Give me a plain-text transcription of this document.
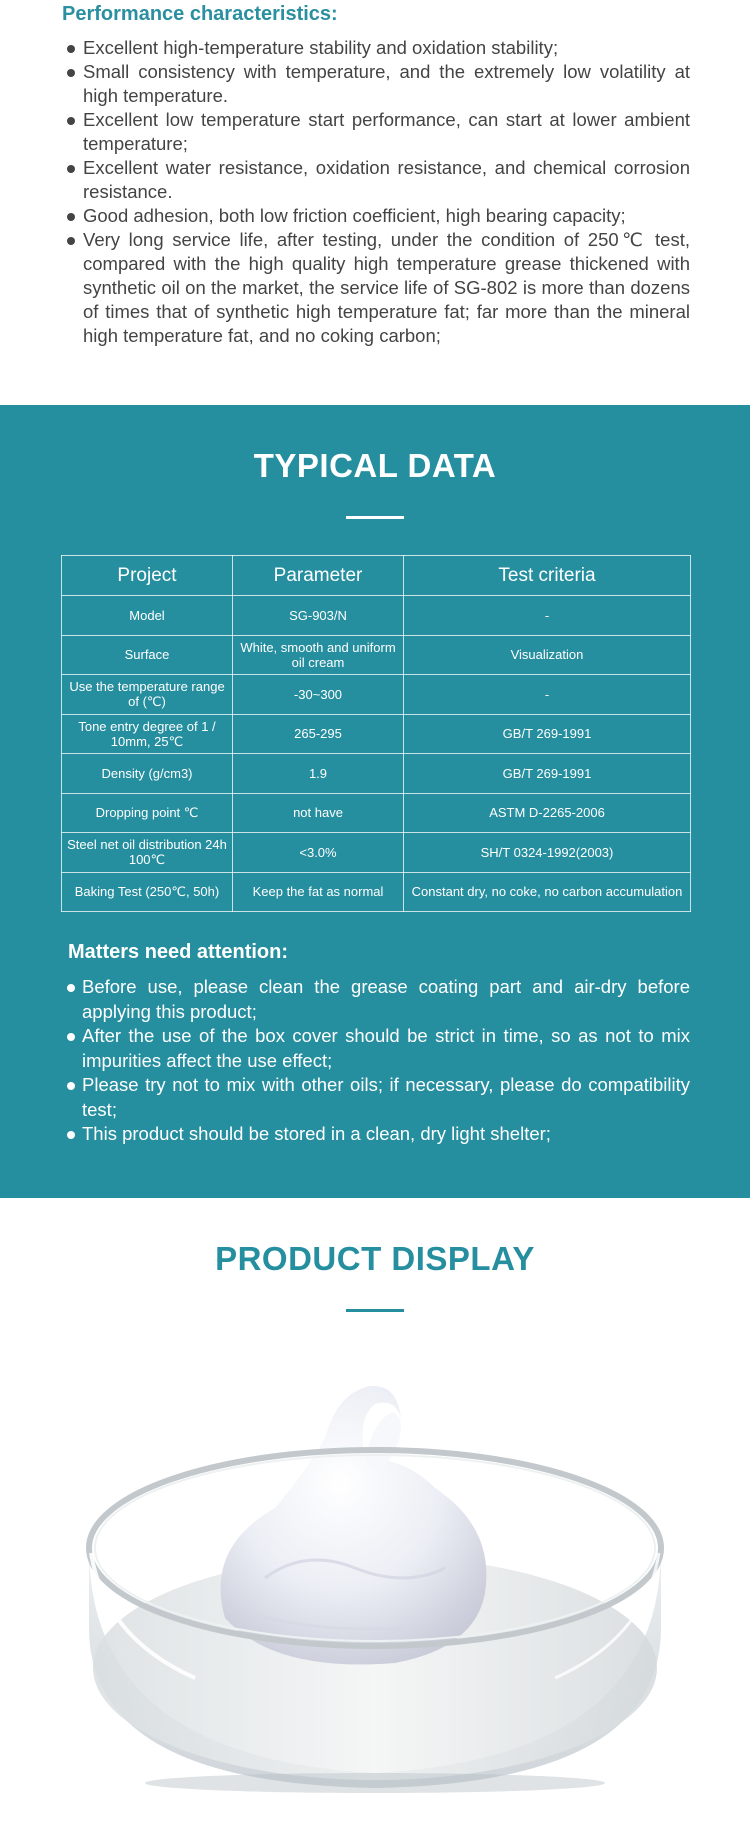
Performance characteristics:
Excellent high-temperature stability and oxidation stability;
Small consistency with temperature, and the extremely low volatility at high temperature.
Excellent low temperature start performance, can start at lower ambient temperature;
Excellent water resistance, oxidation resistance, and chemical corrosion resistance.
Good adhesion, both low friction coefficient, high bearing capacity;
Very long service life, after testing, under the condition of 250℃ test, compared with the high quality high temperature grease thickened with synthetic oil on the market, the service life of SG-802 is more than dozens of times that of synthetic high temperature fat; far more than the mineral high temperature fat, and no coking carbon;
TYPICAL DATA
Project	Parameter	Test criteria
Model	SG-903/N	-
Surface	White, smooth and uniform oil cream	Visualization
Use the temperature range of (℃)	-30~300	-
Tone entry degree of 1 / 10mm, 25℃	265-295	GB/T 269-1991
Density (g/cm3)	1.9	GB/T 269-1991
Dropping point ℃	not have	ASTM D-2265-2006
Steel net oil distribution 24h 100℃	<3.0%	SH/T 0324-1992(2003)
Baking Test (250℃, 50h)	Keep the fat as normal	Constant dry, no coke, no carbon accumulation
Matters need attention:
Before use, please clean the grease coating part and air-dry before applying this product;
After the use of the box cover should be strict in time, so as not to mix impurities affect the use effect;
Please try not to mix with other oils; if necessary, please do compatibility test;
This product should be stored in a clean, dry light shelter;
PRODUCT DISPLAY
